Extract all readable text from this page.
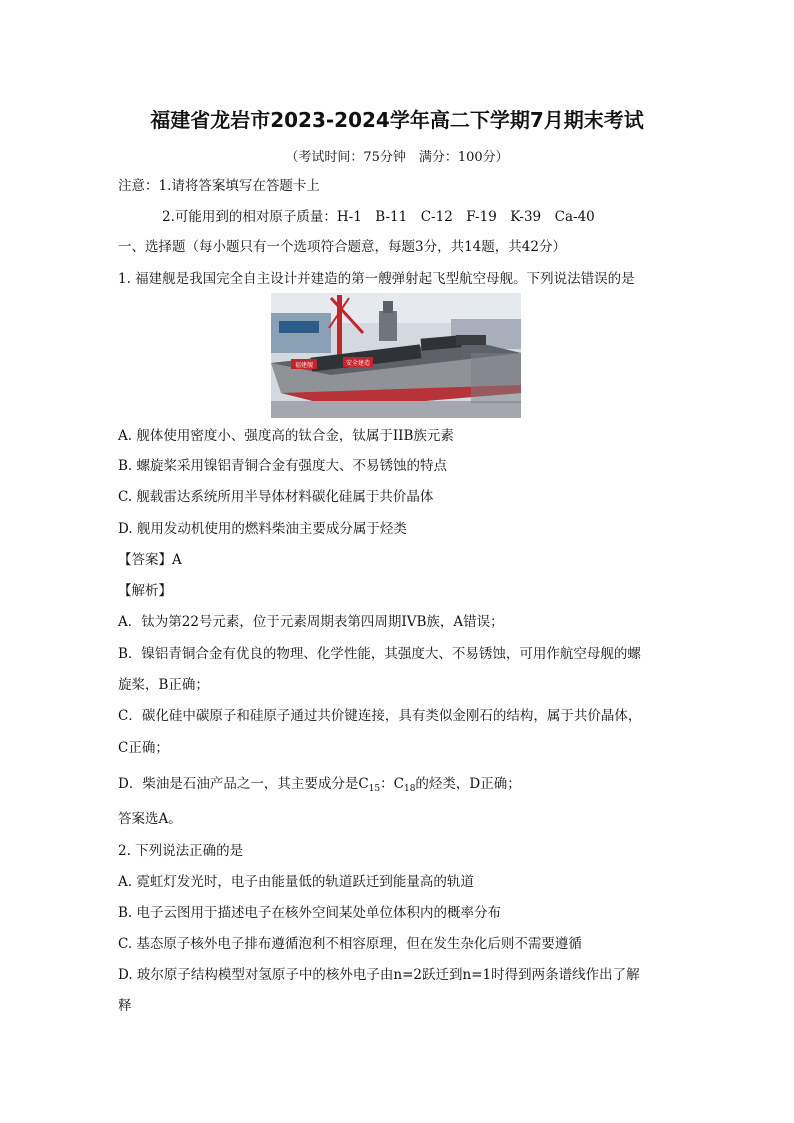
福建省龙岩市2023-2024学年高二下学期7月期末考试
（考试时间：75分钟　满分：100分）
注意：1.请将答案填写在答题卡上
2.可能用到的相对原子质量：H-1　B-11　C-12　F-19　K-39　Ca-40
一、选择题（每小题只有一个选项符合题意，每题3分，共14题，共42分）
1. 福建舰是我国完全自主设计并建造的第一艘弹射起飞型航空母舰。下列说法错误的是
福建舰	安全建造
A. 舰体使用密度小、强度高的钛合金，钛属于IIB族元素
B. 螺旋桨采用镍铝青铜合金有强度大、不易锈蚀的特点
C. 舰载雷达系统所用半导体材料碳化硅属于共价晶体
D. 舰用发动机使用的燃料柴油主要成分属于烃类
【答案】A
【解析】
A．钛为第22号元素，位于元素周期表第四周期IVB族，A错误；
B．镍铝青铜合金有优良的物理、化学性能，其强度大、不易锈蚀，可用作航空母舰的螺
旋桨，B正确；
C．碳化硅中碳原子和硅原子通过共价键连接，具有类似金刚石的结构，属于共价晶体，
C正确；
D．柴油是石油产品之一，其主要成分是$C_{15}$：$C_{18}$的烃类，D正确；
答案选A。
2. 下列说法正确的是
A. 霓虹灯发光时，电子由能量低的轨道跃迁到能量高的轨道
B. 电子云图用于描述电子在核外空间某处单位体积内的概率分布
C. 基态原子核外电子排布遵循泡利不相容原理，但在发生杂化后则不需要遵循
D. 玻尔原子结构模型对氢原子中的核外电子由n=2跃迁到n=1时得到两条谱线作出了解
释
